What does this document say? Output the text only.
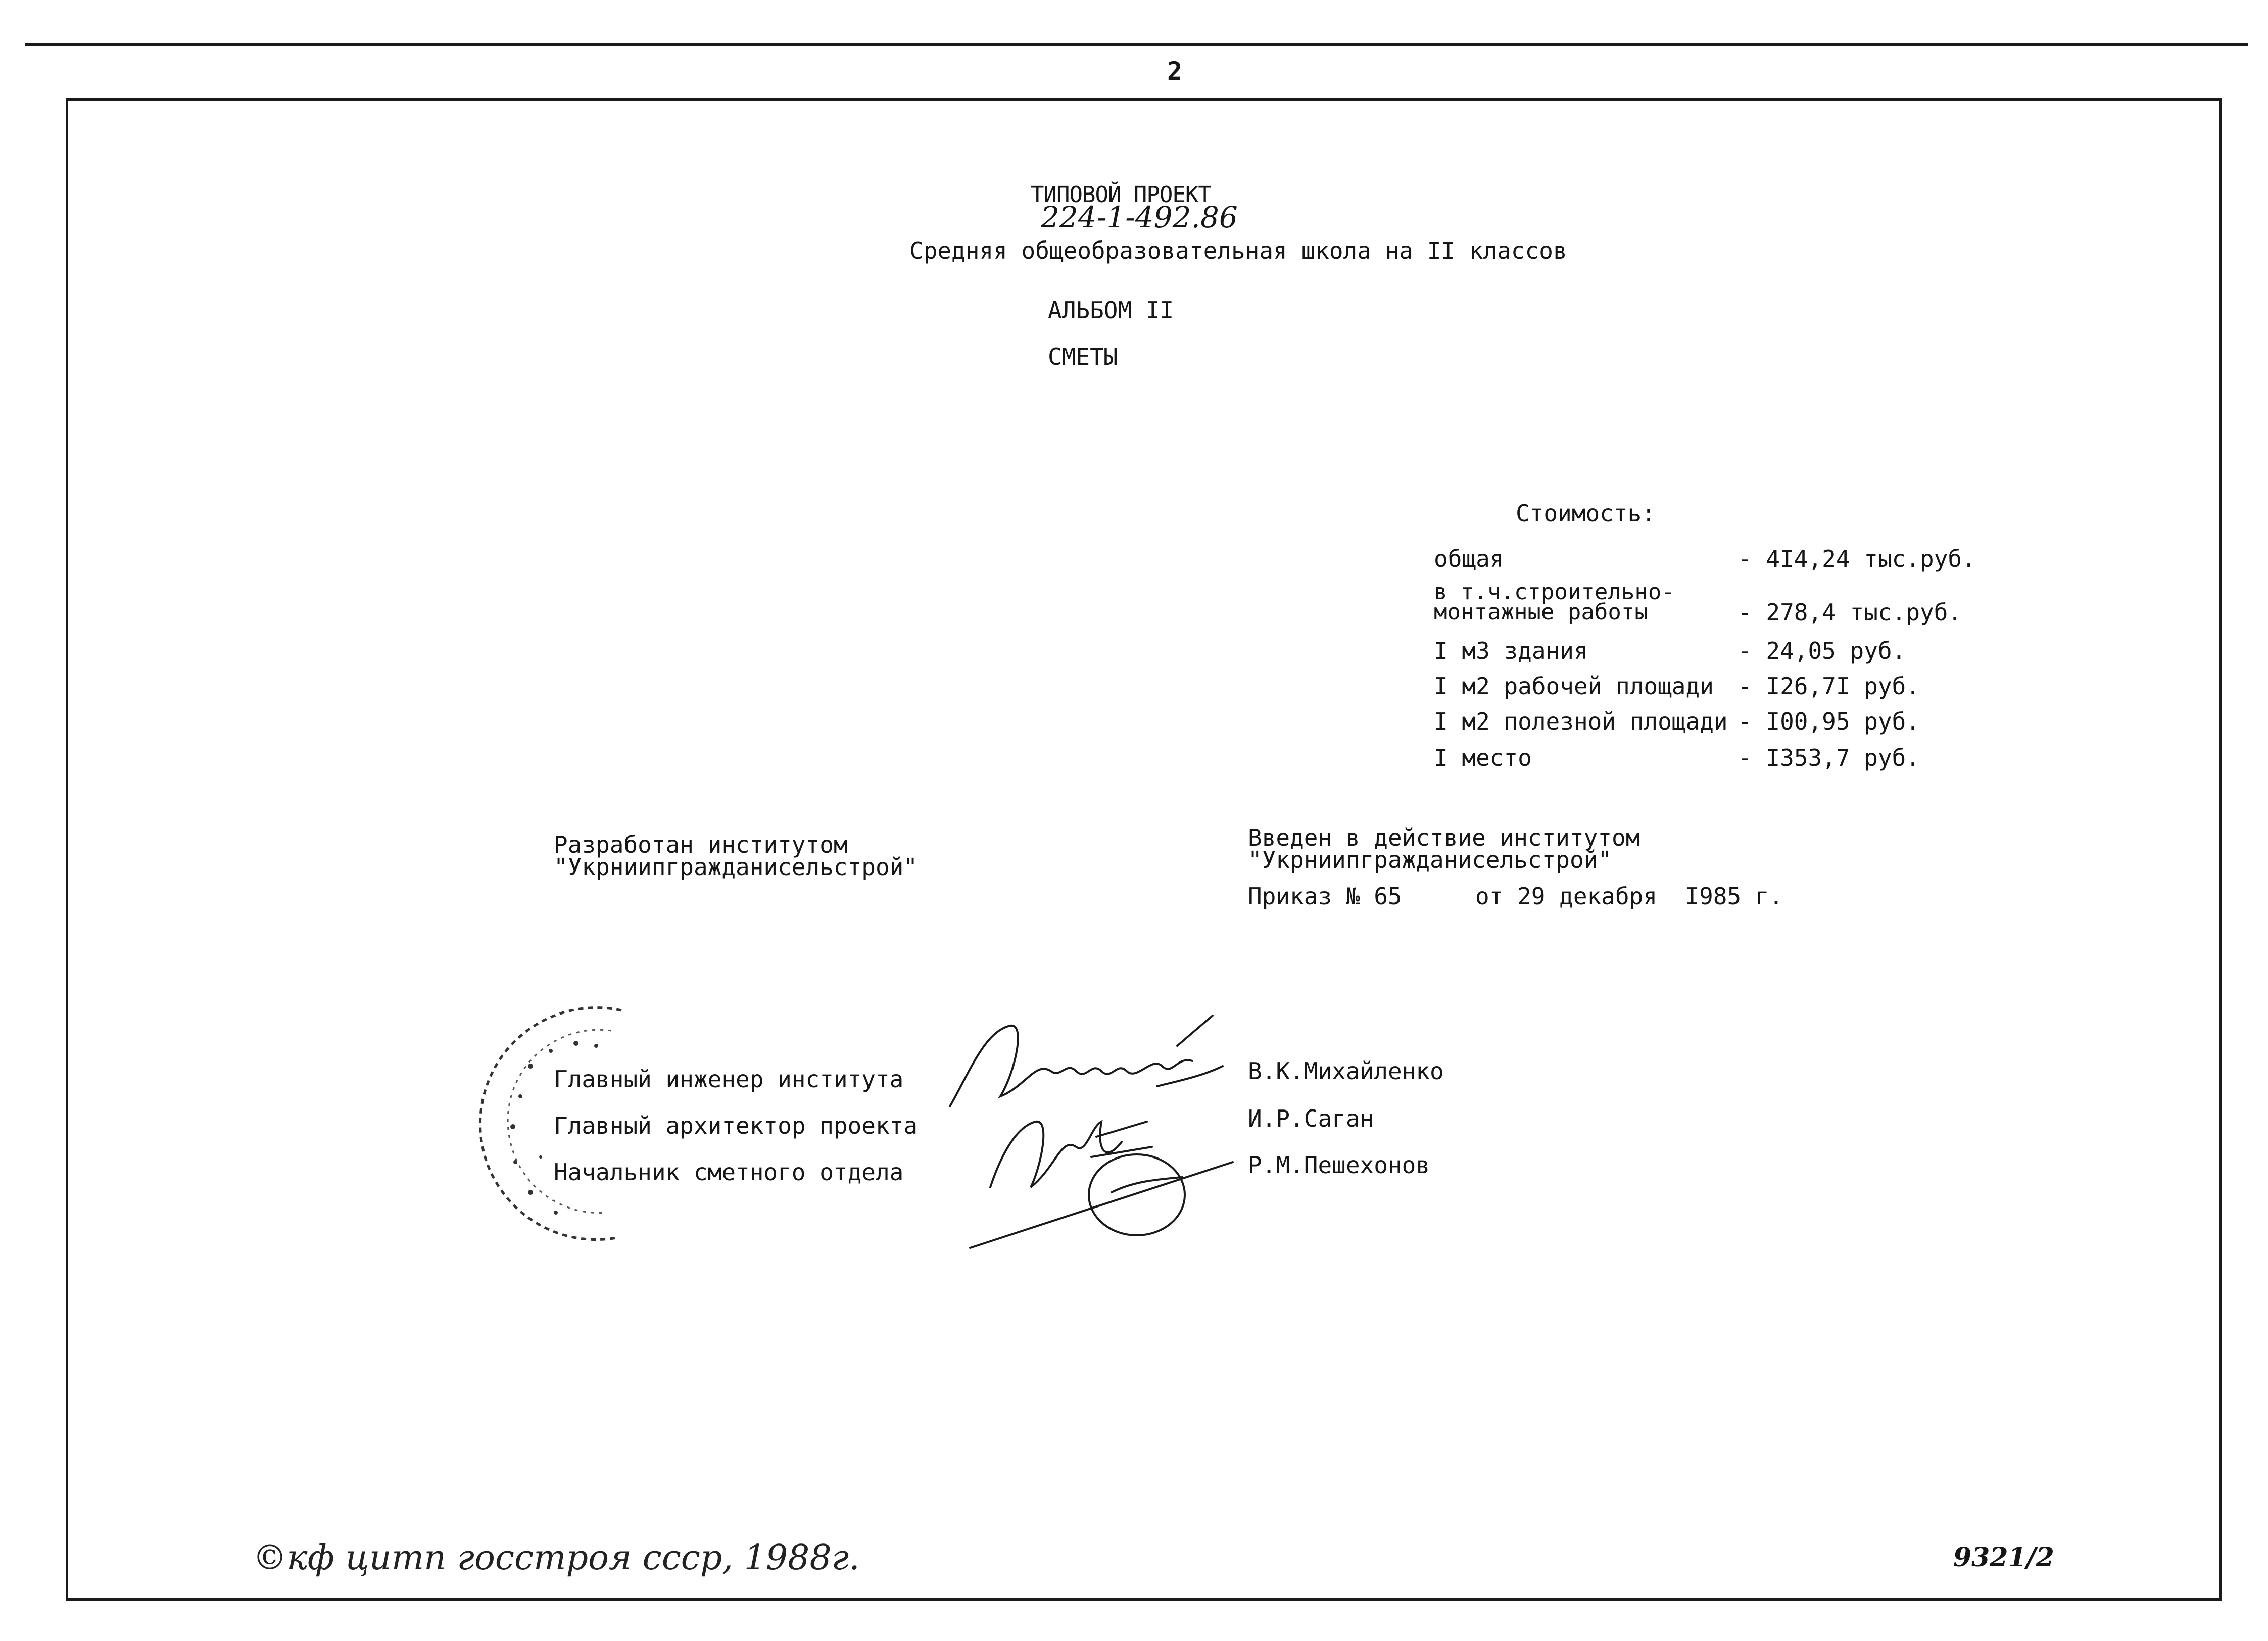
2
ТИПОВОЙ ПРОЕКТ
224-1-492.86
Средняя общеобразовательная школа на II классов
АЛЬБОМ II
СМЕТЫ
Стоимость:
общая	- 4I4,24 тыс.руб.
в т.ч.строительно-
монтажные работы	- 278,4 тыс.руб.
I м3 здания	- 24,05 руб.
I м2 рабочей площади - I26,7I руб.
I м2 полезной площади - I00,95 руб.
I место	- I353,7 руб.
Разработан институтом
"Укрниипгражданисельстрой"
Введен в действие институтом
"Укрниипгражданисельстрой"
Приказ № 65	от 29 декабря  I985 г.
Главный инженер института
Главный архитектор проекта
Начальник сметного отдела
В.К.Михайленко
И.Р.Саган
Р.М.Пешехонов
©кф цитп госстроя ссср, 1988г.	9321/2
